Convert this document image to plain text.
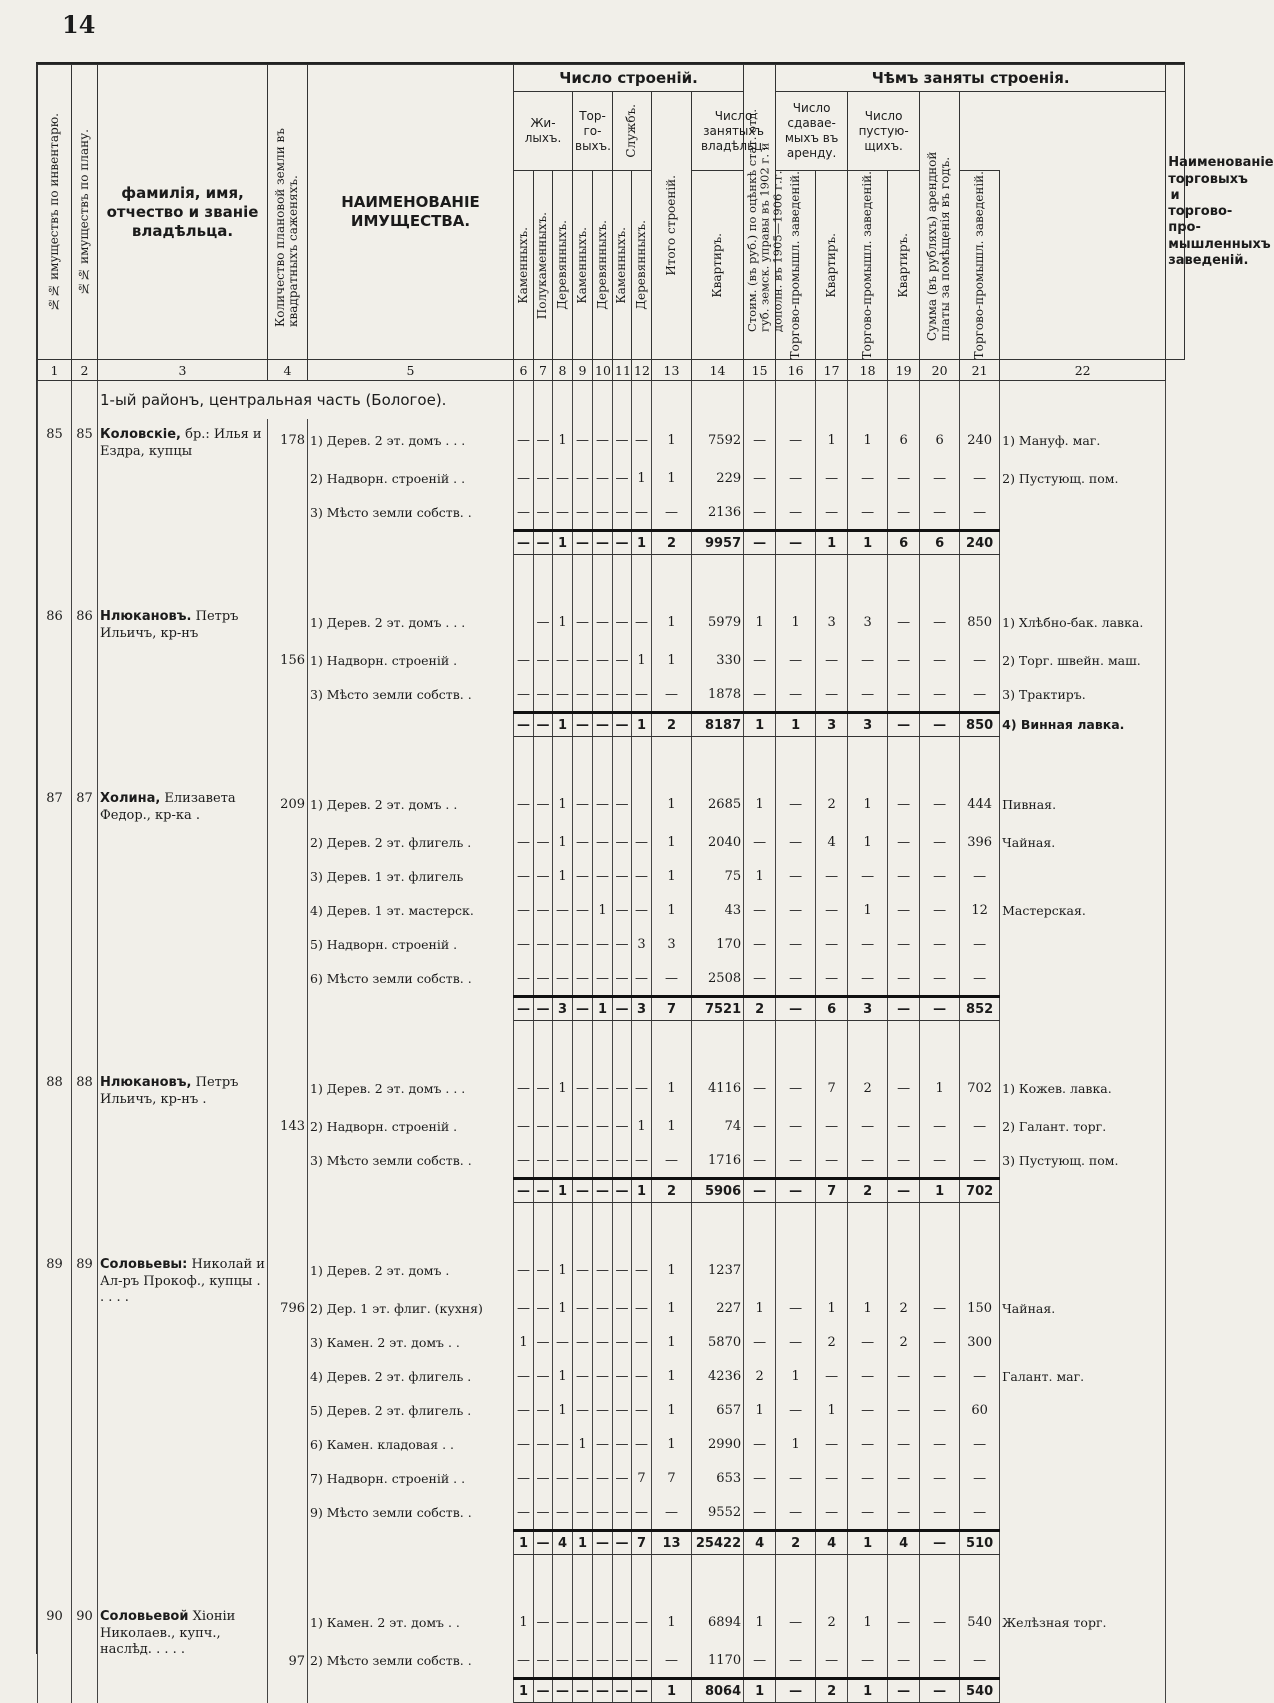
14
№№ имуществъ по инвентарю.	№№ имуществъ по плану.	фамилія, имя, отчество и званіе владѣльца.	Количество плановой земли въ квадратныхъ саженяхъ.	НАИМЕНОВАНІЕ ИМУЩЕСТВА.	Число строеній.									Стоим. (въ руб.) по оцѣнкѣ стат. отд. губ. земск. управы въ 1902 г. и дополн. въ 1905—1906 г.г.	Чѣмъ заняты строенія.							Наименованіе торговыхъ и торгово-про-мышленныхъ заведеній.
					Жи-лыхъ.			Тор-го-выхъ.		Службъ.		Итого строеній.	Число занятыхъ владѣльц.		Число сдавае-мыхъ въ аренду.		Число пустую-щихъ.		Сумма (въ рубляхъ) арендной платы за помѣщенія въ годъ.			

					Каменныхъ.	Полукаменныхъ.	Деревянныхъ.	Каменныхъ.	Деревянныхъ.	Каменныхъ.	Деревянныхъ.		Квартиръ.		Торгово-промышл. заведеній.	Квартиръ.	Торгово-промышл. заведеній.	Квартиръ.		Торгово-промышл. заведеній.		

1	2	3	4	5	6	7	8	9	10	11	12	13	14	15	16	17	18	19	20	21	22	
		1-ый районъ, центральная часть (Бологое).																				
85	85	Коловскіе, бр.: Илья и Ездра, купцы	178	1) Дерев. 2 эт. домъ . . .	—	—	1	—	—	—	—	1	7592	—	—	1	1	6	6	240	1) Мануф. маг.	
				2) Надворн. строеній . .	—	—	—	—	—	—	1	1	229	—	—	—	—	—	—	—	2) Пустующ. пом.	
				3) Мѣсто земли собств. .	—	—	—	—	—	—	—	—	2136	—	—	—	—	—	—	—		
					—	—	1	—	—	—	1	2	9957	—	—	1	1	6	6	240		

86	86	Нлюкановъ. Петръ Ильичъ, кр-нъ		1) Дерев. 2 эт. домъ . . .		—	1	—	—	—	—	1	5979	1	1	3	3	—	—	850	1) Хлѣбно-бак. лавка.	
			156	1) Надворн. строеній .	—	—	—	—	—	—	1	1	330	—	—	—	—	—	—	—	2) Торг. швейн. маш.	
				3) Мѣсто земли собств. .	—	—	—	—	—	—	—	—	1878	—	—	—	—	—	—	—	3) Трактиръ.	
					—	—	1	—	—	—	1	2	8187	1	1	3	3	—	—	850	4) Винная лавка.	

87	87	Холина, Елизавета Федор., кр-ка .	209	1) Дерев. 2 эт. домъ . .	—	—	1	—	—	—		1	2685	1	—	2	1	—	—	444	Пивная.	
				2) Дерев. 2 эт. флигель .	—	—	1	—	—	—	—	1	2040	—	—	4	1	—	—	396	Чайная.	
				3) Дерев. 1 эт. флигель	—	—	1	—	—	—	—	1	75	1	—	—	—	—	—	—		
				4) Дерев. 1 эт. мастерск.	—	—	—	—	1	—	—	1	43	—	—	—	1	—	—	12	Мастерская.	
				5) Надворн. строеній .	—	—	—	—	—	—	3	3	170	—	—	—	—	—	—	—		
				6) Мѣсто земли собств. .	—	—	—	—	—	—	—	—	2508	—	—	—	—	—	—	—		
					—	—	3	—	1	—	3	7	7521	2	—	6	3	—	—	852		

88	88	Нлюкановъ, Петръ Ильичъ, кр-нъ .		1) Дерев. 2 эт. домъ . . .	—	—	1	—	—	—	—	1	4116	—	—	7	2	—	1	702	1) Кожев. лавка.	
			143	2) Надворн. строеній .	—	—	—	—	—	—	1	1	74	—	—	—	—	—	—	—	2) Галант. торг.	
				3) Мѣсто земли собств. .	—	—	—	—	—	—	—	—	1716	—	—	—	—	—	—	—	3) Пустующ. пом.	
					—	—	1	—	—	—	1	2	5906	—	—	7	2	—	1	702		

89	89	Соловьевы: Николай и Ал-ръ Прокоф., купцы . . . . .		1) Дерев. 2 эт. домъ .	—	—	1	—	—	—	—	1	1237									
			796	2) Дер. 1 эт. флиг. (кухня)	—	—	1	—	—	—	—	1	227	1	—	1	1	2	—	150	Чайная.	
				3) Камен. 2 эт. домъ . .	1	—	—	—	—	—	—	1	5870	—	—	2	—	2	—	300		
				4) Дерев. 2 эт. флигель .	—	—	1	—	—	—	—	1	4236	2	1	—	—	—	—	—	Галант. маг.	
				5) Дерев. 2 эт. флигель .	—	—	1	—	—	—	—	1	657	1	—	1	—	—	—	60		
				6) Камен. кладовая . .	—	—	—	1	—	—	—	1	2990	—	1	—	—	—	—	—		
				7) Надворн. строеній . .	—	—	—	—	—	—	7	7	653	—	—	—	—	—	—	—		
				9) Мѣсто земли собств. .	—	—	—	—	—	—	—	—	9552	—	—	—	—	—	—	—		
					1	—	4	1	—	—	7	13	25422	4	2	4	1	4	—	510		

90	90	Соловьевой Хіоніи Николаев., купч., наслѣд. . . . .		1) Камен. 2 эт. домъ . .	1	—	—	—	—	—	—	1	6894	1	—	2	1	—	—	540	Желѣзная торг.	
			97	2) Мѣсто земли собств. .	—	—	—	—	—	—	—	—	1170	—	—	—	—	—	—	—		
					1	—	—	—	—	—	—	1	8064	1	—	2	1	—	—	540		
